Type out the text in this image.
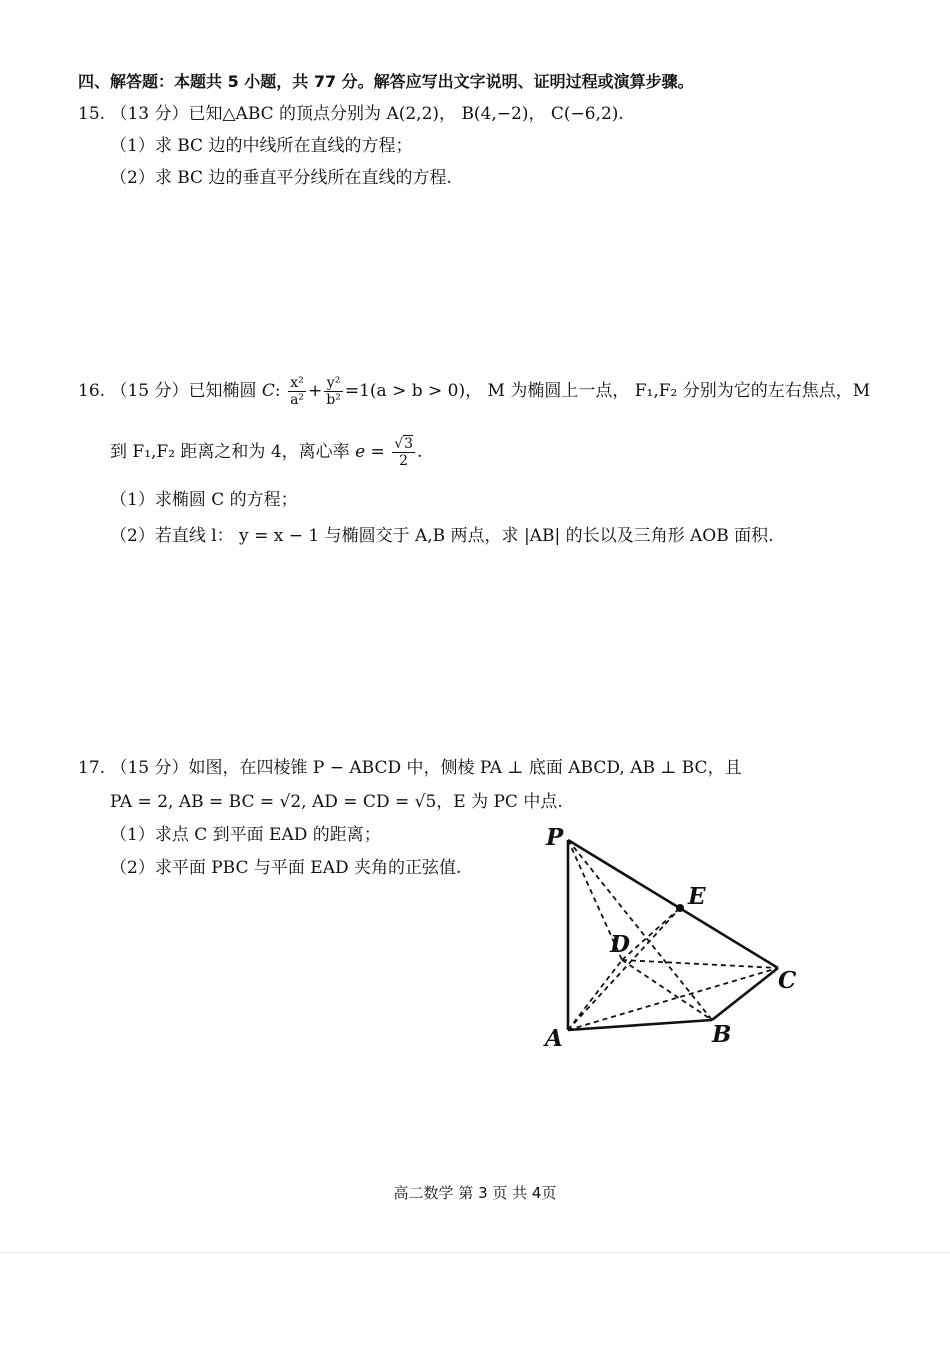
四、解答题：本题共 5 小题，共 77 分。解答应写出文字说明、证明过程或演算步骤。
15. （13 分）已知△ABC 的顶点分别为 A(2,2)， B(4,−2)， C(−6,2).
（1）求 BC 边的中线所在直线的方程；
（2）求 BC 边的垂直平分线所在直线的方程.
16. （15 分）已知椭圆 C: $\frac{\text{x²}}{\text{a²}} + \frac{\text{y²}}{\text{b²}} =1(a > b > 0)$， M 为椭圆上一点， F₁,F₂ 分别为它的左右焦点，M
到 F₁,F₂ 距离之和为 4，离心率 $e = \frac{√3}{2}$ .
（1）求椭圆 C 的方程；
（2）若直线 l： y = x − 1 与椭圆交于 A,B 两点，求 |AB| 的长以及三角形 AOB 面积.
17. （15 分）如图，在四棱锥 P − ABCD 中，侧棱 PA ⊥ 底面 ABCD, AB ⊥ BC，且
PA = 2, AB = BC = √2, AD = CD = √5，E 为 PC 中点.
（1）求点 C 到平面 EAD 的距离；
（2）求平面 PBC 与平面 EAD 夹角的正弦值.
P
E
D
C
A	B
高二数学 第 3 页 共 4页
